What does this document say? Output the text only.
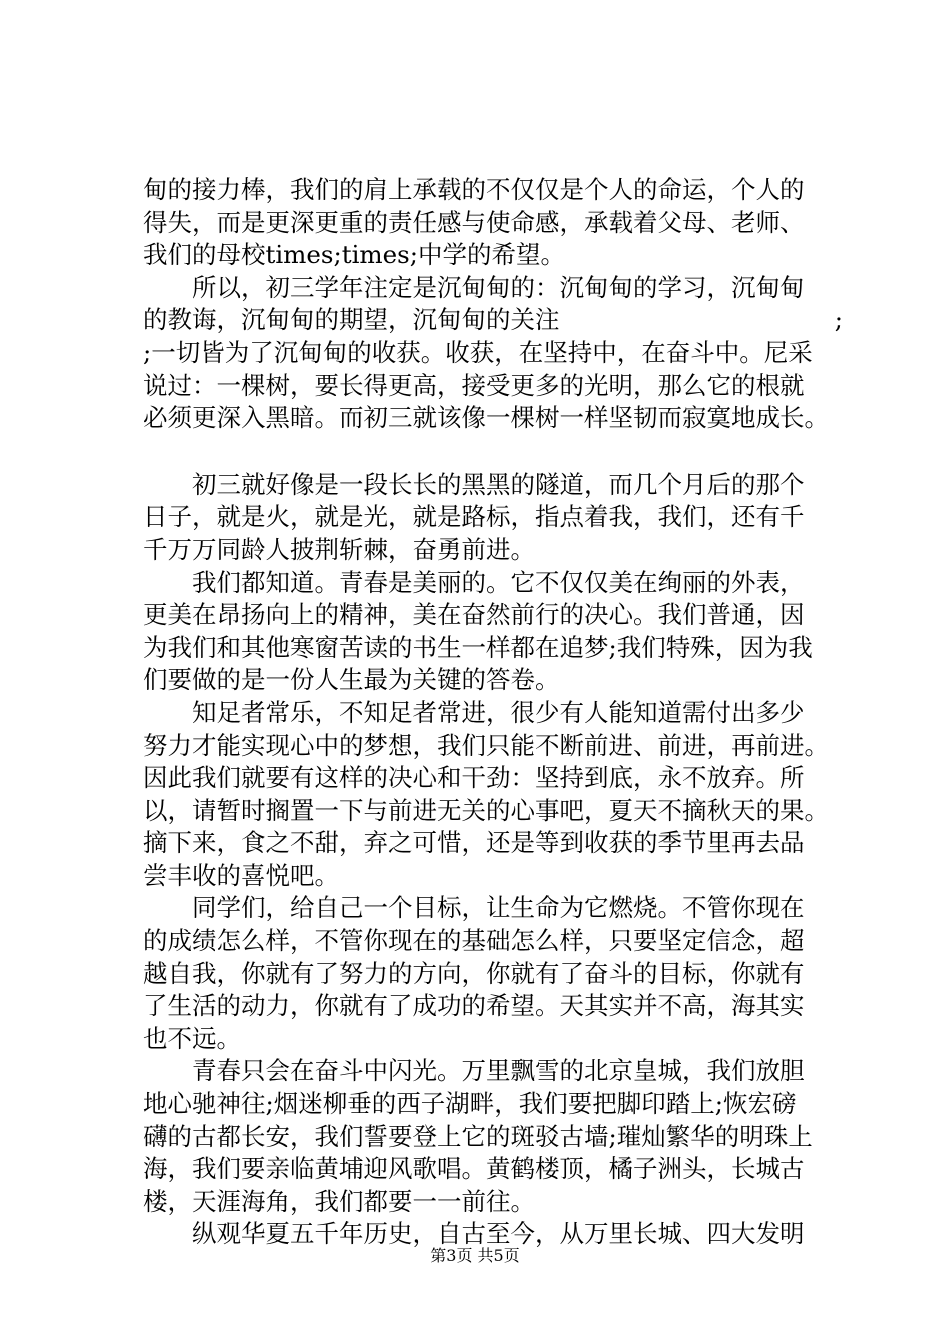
甸的接力棒，我们的肩上承载的不仅仅是个人的命运，个人的
得失，而是更深更重的责任感与使命感，承载着父母、老师、
我们的母校times;times;中学的希望。

　　所以，初三学年注定是沉甸甸的：沉甸甸的学习，沉甸甸
的教诲，沉甸甸的期望，沉甸甸的关注	;
;一切皆为了沉甸甸的收获。收获，在坚持中，在奋斗中。尼采
说过：一棵树，要长得更高，接受更多的光明，那么它的根就
必须更深入黑暗。而初三就该像一棵树一样坚韧而寂寞地成长。

　　初三就好像是一段长长的黑黑的隧道，而几个月后的那个
日子，就是火，就是光，就是路标，指点着我，我们，还有千
千万万同龄人披荆斩棘，奋勇前进。

　　我们都知道。青春是美丽的。它不仅仅美在绚丽的外表，
更美在昂扬向上的精神，美在奋然前行的决心。我们普通，因
为我们和其他寒窗苦读的书生一样都在追梦;我们特殊，因为我
们要做的是一份人生最为关键的答卷。

　　知足者常乐，不知足者常进，很少有人能知道需付出多少
努力才能实现心中的梦想，我们只能不断前进、前进，再前进。
因此我们就要有这样的决心和干劲：坚持到底，永不放弃。所
以，请暂时搁置一下与前进无关的心事吧，夏天不摘秋天的果。
摘下来，食之不甜，弃之可惜，还是等到收获的季节里再去品
尝丰收的喜悦吧。

　　同学们，给自己一个目标，让生命为它燃烧。不管你现在
的成绩怎么样，不管你现在的基础怎么样，只要坚定信念，超
越自我，你就有了努力的方向，你就有了奋斗的目标，你就有
了生活的动力，你就有了成功的希望。天其实并不高，海其实
也不远。

　　青春只会在奋斗中闪光。万里飘雪的北京皇城，我们放胆
地心驰神往;烟迷柳垂的西子湖畔，我们要把脚印踏上;恢宏磅
礴的古都长安，我们誓要登上它的斑驳古墙;璀灿繁华的明珠上
海，我们要亲临黄埔迎风歌唱。黄鹤楼顶，橘子洲头，长城古
楼，天涯海角，我们都要一一前往。

　　纵观华夏五千年历史，自古至今，从万里长城、四大发明

第3页 共5页
